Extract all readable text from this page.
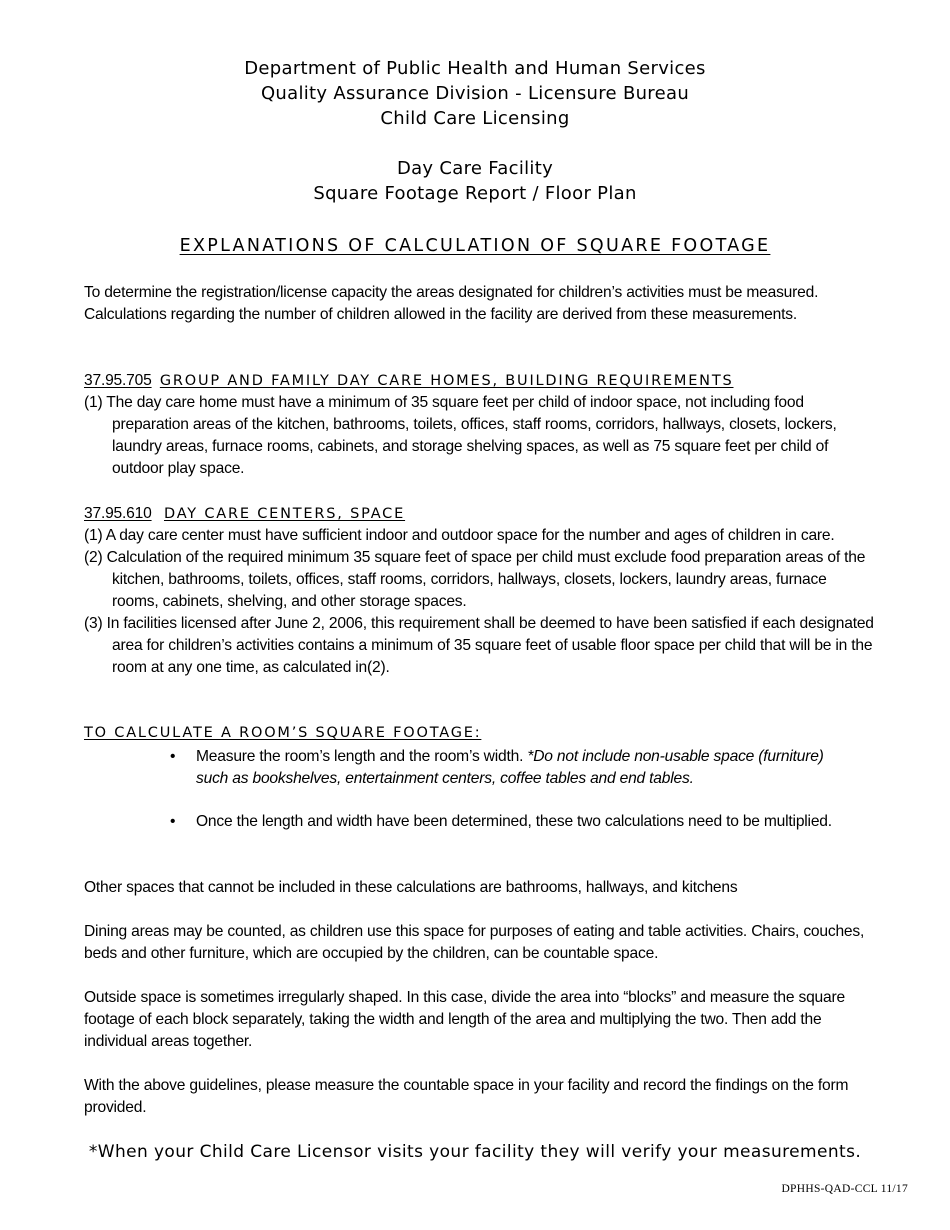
Department of Public Health and Human Services
Quality Assurance Division - Licensure Bureau
Child Care Licensing
Day Care Facility
Square Footage Report / Floor Plan
EXPLANATIONS OF CALCULATION OF SQUARE FOOTAGE
To determine the registration/license capacity the areas designated for children’s activities must be measured. Calculations regarding the number of children allowed in the facility are derived from these measurements.
37.95.705 GROUP AND FAMILY DAY CARE HOMES, BUILDING REQUIREMENTS

(1) The day care home must have a minimum of 35 square feet per child of indoor space, not including food preparation areas of the kitchen, bathrooms, toilets, offices, staff rooms, corridors, hallways, closets, lockers, laundry areas, furnace rooms, cabinets, and storage shelving spaces, as well as 75 square feet per child of outdoor play space.

37.95.610 DAY CARE CENTERS, SPACE

(1) A day care center must have sufficient indoor and outdoor space for the number and ages of children in care.

(2) Calculation of the required minimum 35 square feet of space per child must exclude food preparation areas of the kitchen, bathrooms, toilets, offices, staff rooms, corridors, hallways, closets, lockers, laundry areas, furnace rooms, cabinets, shelving, and other storage spaces.

(3) In facilities licensed after June 2, 2006, this requirement shall be deemed to have been satisfied if each designated area for children’s activities contains a minimum of 35 square feet of usable floor space per child that will be in the room at any one time, as calculated in(2).

TO CALCULATE A ROOM’S SQUARE FOOTAGE:
• Measure the room’s length and the room’s width. *Do not include non-usable space (furniture) such as bookshelves, entertainment centers, coffee tables and end tables.

• Once the length and width have been determined, these two calculations need to be multiplied.

Other spaces that cannot be included in these calculations are bathrooms, hallways, and kitchens
Dining areas may be counted, as children use this space for purposes of eating and table activities. Chairs, couches, beds and other furniture, which are occupied by the children, can be countable space.
Outside space is sometimes irregularly shaped. In this case, divide the area into “blocks” and measure the square footage of each block separately, taking the width and length of the area and multiplying the two. Then add the individual areas together.
With the above guidelines, please measure the countable space in your facility and record the findings on the form provided.
*When your Child Care Licensor visits your facility they will verify your measurements.
DPHHS-QAD-CCL 11/17
